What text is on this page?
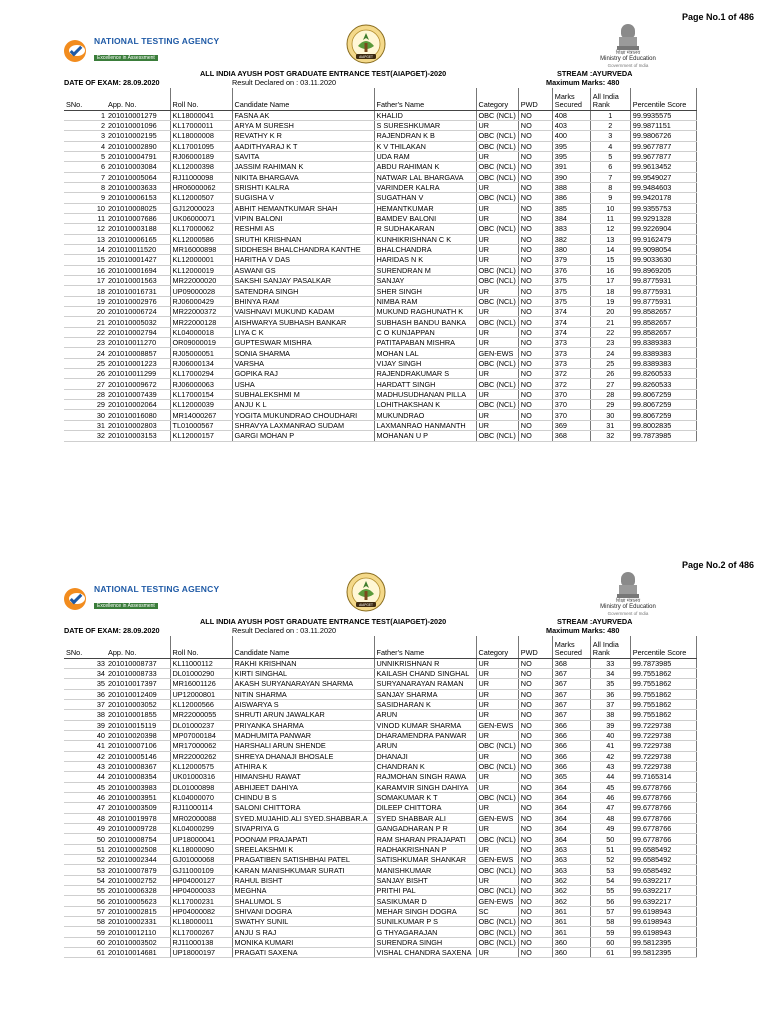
Page No.1 of 486
NATIONAL TESTING AGENCY
Excellence in Assessment	AIAPGET
शिक्षा मंत्रालय
Ministry of Education
Government of India
ALL INDIA AYUSH POST GRADUATE ENTRANCE TEST(AIAPGET)-2020	STREAM :AYURVEDA
DATE OF EXAM: 28.09.2020	Result Declared on : 03.11.2020	Maximum Marks: 480
SNo.	App. No.	Roll No.	Candidate Name	Father's Name	Category	PWD	Marks Secured	All India Rank	Percentile Score
1	201010001279	KL18000041	FASNA AK	KHALID	OBC (NCL)	NO	408	1	99.9935575
2	201010001096	KL17000011	ARYA M SURESH	S SURESHKUMAR	UR	NO	403	2	99.9871151
3	201010002195	KL18000008	REVATHY K R	RAJENDRAN K B	OBC (NCL)	NO	400	3	99.9806726
4	201010002890	KL17001095	AADITHYARAJ K T	K V THILAKAN	OBC (NCL)	NO	395	4	99.9677877
5	201010004791	RJ06000189	SAVITA	UDA RAM	UR	NO	395	5	99.9677877
6	201010003084	KL12000398	JASSIM RAHIMAN K	ABDU RAHIMAN K	OBC (NCL)	NO	391	6	99.9613452
7	201010005064	RJ11000098	NIKITA BHARGAVA	NATWAR LAL BHARGAVA	OBC (NCL)	NO	390	7	99.9549027
8	201010003633	HR06000062	SRISHTI KALRA	VARINDER KALRA	UR	NO	388	8	99.9484603
9	201010006153	KL12000507	SUGISHA V	SUGATHAN V	OBC (NCL)	NO	386	9	99.9420178
10	201010008025	GJ12000023	ABHIT HEMANTKUMAR SHAH	HEMANTKUMAR	UR	NO	385	10	99.9355753
11	201010007686	UK06000071	VIPIN BALONI	BAMDEV BALONI	UR	NO	384	11	99.9291328
12	201010003188	KL17000062	RESHMI AS	R SUDHAKARAN	OBC (NCL)	NO	383	12	99.9226904
13	201010006165	KL12000586	SRUTHI KRISHNAN	KUNHIKRISHNAN C K	UR	NO	382	13	99.9162479
14	201010011520	MR16000898	SIDDHESH BHALCHANDRA KANTHE	BHALCHANDRA	UR	NO	380	14	99.9098054
15	201010001427	KL12000001	HARITHA V DAS	HARIDAS N K	UR	NO	379	15	99.9033630
16	201010001694	KL12000019	ASWANI GS	SURENDRAN M	OBC (NCL)	NO	376	16	99.8969205
17	201010001563	MR22000020	SAKSHI SANJAY PASALKAR	SANJAY	OBC (NCL)	NO	375	17	99.8775931
18	201010016731	UP09000028	SATENDRA SINGH	SHER SINGH	UR	NO	375	18	99.8775931
19	201010002976	RJ06000429	BHINYA RAM	NIMBA RAM	OBC (NCL)	NO	375	19	99.8775931
20	201010006724	MR22000372	VAISHNAVI MUKUND KADAM	MUKUND RAGHUNATH K	UR	NO	374	20	99.8582657
21	201010005032	MR22000128	AISHWARYA SUBHASH BANKAR	SUBHASH BANDU BANKA	OBC (NCL)	NO	374	21	99.8582657
22	201010002794	KL04000018	LIYA C K	C O KUNJAPPAN	UR	NO	374	22	99.8582657
23	201010011270	OR09000019	GUPTESWAR MISHRA	PATITAPABAN MISHRA	UR	NO	373	23	99.8389383
24	201010008857	RJ05000051	SONIA SHARMA	MOHAN LAL	GEN-EWS	NO	373	24	99.8389383
25	201010001223	RJ06000134	VARSHA	VIJAY SINGH	OBC (NCL)	NO	373	25	99.8389383
26	201010011299	KL17000294	GOPIKA RAJ	RAJENDRAKUMAR S	UR	NO	372	26	99.8260533
27	201010009672	RJ06000063	USHA	HARDATT SINGH	OBC (NCL)	NO	372	27	99.8260533
28	201010007439	KL17000154	SUBHALEKSHMI M	MADHUSUDHANAN PILLA	UR	NO	370	28	99.8067259
29	201010002064	KL12000039	ANJU K L	LOHITHAKSHAN K	OBC (NCL)	NO	370	29	99.8067259
30	201010016080	MR14000267	YOGITA MUKUNDRAO CHOUDHARI	MUKUNDRAO	UR	NO	370	30	99.8067259
31	201010002803	TL01000567	SHRAVYA LAXMANRAO SUDAM	LAXMANRAO HANMANTH	UR	NO	369	31	99.8002835
32	201010003153	KL12000157	GARGI MOHAN P	MOHANAN U P	OBC (NCL)	NO	368	32	99.7873985
Page No.2 of 486
NATIONAL TESTING AGENCY
Excellence in Assessment	AIAPGET
शिक्षा मंत्रालय
Ministry of Education
Government of India
ALL INDIA AYUSH POST GRADUATE ENTRANCE TEST(AIAPGET)-2020	STREAM :AYURVEDA
DATE OF EXAM: 28.09.2020	Result Declared on : 03.11.2020	Maximum Marks: 480
SNo.	App. No.	Roll No.	Candidate Name	Father's Name	Category	PWD	Marks Secured	All India Rank	Percentile Score
33	201010008737	KL11000112	RAKHI KRISHNAN	UNNIKRISHNAN R	UR	NO	368	33	99.7873985
34	201010008733	DL01000290	KIRTI SINGHAL	KAILASH CHAND SINGHAL	UR	NO	367	34	99.7551862
35	201010017397	MR16001126	AKASH SURYANARAYAN SHARMA	SURYANARAYAN RAMAN	UR	NO	367	35	99.7551862
36	201010012409	UP12000801	NITIN SHARMA	SANJAY SHARMA	UR	NO	367	36	99.7551862
37	201010003052	KL12000566	AISWARYA S	SASIDHARAN K	UR	NO	367	37	99.7551862
38	201010001855	MR22000055	SHRUTI ARUN JAWALKAR	ARUN	UR	NO	367	38	99.7551862
39	201010015119	DL01000237	PRIYANKA SHARMA	VINOD KUMAR SHARMA	GEN-EWS	NO	366	39	99.7229738
40	201010020398	MP07000184	MADHUMITA PANWAR	DHARAMENDRA PANWAR	UR	NO	366	40	99.7229738
41	201010007106	MR17000062	HARSHALI ARUN SHENDE	ARUN	OBC (NCL)	NO	366	41	99.7229738
42	201010005146	MR22000262	SHREYA DHANAJI BHOSALE	DHANAJI	UR	NO	366	42	99.7229738
43	201010008367	KL12000575	ATHIRA K	CHANDRAN K	OBC (NCL)	NO	366	43	99.7229738
44	201010008354	UK01000316	HIMANSHU RAWAT	RAJMOHAN SINGH RAWA	UR	NO	365	44	99.7165314
45	201010003983	DL01000898	ABHIJEET DAHIYA	KARAMVIR SINGH DAHIYA	UR	NO	364	45	99.6778766
46	201010003951	KL04000070	CHINDU B S	SOMAKUMAR K T	OBC (NCL)	NO	364	46	99.6778766
47	201010003509	RJ11000114	SALONI CHITTORA	DILEEP CHITTORA	UR	NO	364	47	99.6778766
48	201010019978	MR02000088	SYED.MUJAHID.ALI SYED.SHABBAR.A	SYED SHABBAR ALI	GEN-EWS	NO	364	48	99.6778766
49	201010009728	KL04000299	SIVAPRIYA G	GANGADHARAN P R	UR	NO	364	49	99.6778766
50	201010008754	UP18000041	POONAM PRAJAPATI	RAM SHARAN PRAJAPATI	OBC (NCL)	NO	364	50	99.6778766
51	201010002508	KL18000090	SREELAKSHMI K	RADHAKRISHNAN P	UR	NO	363	51	99.6585492
52	201010002344	GJ01000068	PRAGATIBEN SATISHBHAI PATEL	SATISHKUMAR SHANKAR	GEN-EWS	NO	363	52	99.6585492
53	201010007879	GJ11000109	KARAN MANISHKUMAR SURATI	MANISHKUMAR	OBC (NCL)	NO	363	53	99.6585492
54	201010002752	HP04000127	RAHUL BISHT	SANJAY BISHT	UR	NO	362	54	99.6392217
55	201010006328	HP04000033	MEGHNA	PRITHI PAL	OBC (NCL)	NO	362	55	99.6392217
56	201010005623	KL17000231	SHALUMOL S	SASIKUMAR D	GEN-EWS	NO	362	56	99.6392217
57	201010002815	HP04000082	SHIVANI DOGRA	MEHAR SINGH DOGRA	SC	NO	361	57	99.6198943
58	201010002331	KL18000011	SWATHY SUNIL	SUNILKUMAR P S	OBC (NCL)	NO	361	58	99.6198943
59	201010012110	KL17000267	ANJU S RAJ	G THYAGARAJAN	OBC (NCL)	NO	361	59	99.6198943
60	201010003502	RJ11000138	MONIKA KUMARI	SURENDRA SINGH	OBC (NCL)	NO	360	60	99.5812395
61	201010014681	UP18000197	PRAGATI SAXENA	VISHAL CHANDRA SAXENA	UR	NO	360	61	99.5812395
